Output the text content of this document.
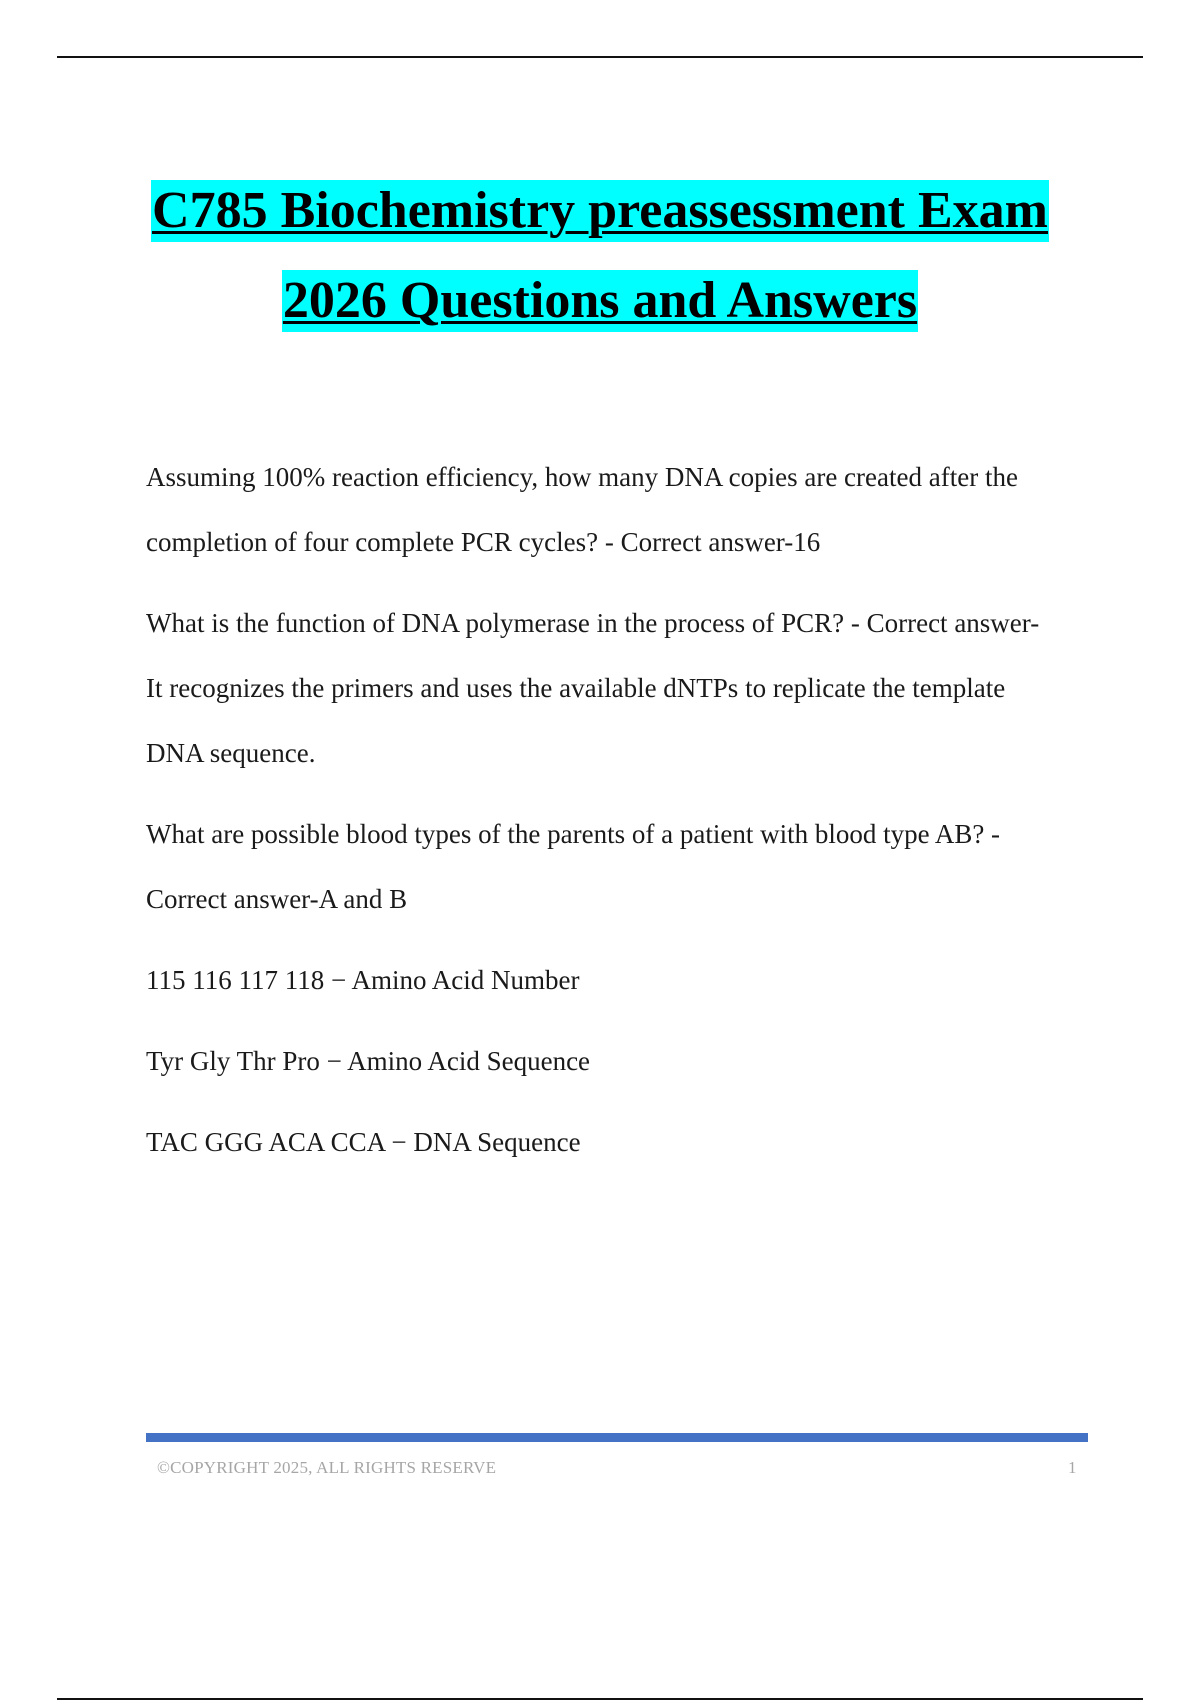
C785 Biochemistry preassessment Exam
2026 Questions and Answers
Assuming 100% reaction efficiency, how many DNA copies are created after the
completion of four complete PCR cycles? - Correct answer-16
What is the function of DNA polymerase in the process of PCR? - Correct answer-
It recognizes the primers and uses the available dNTPs to replicate the template
DNA sequence.
What are possible blood types of the parents of a patient with blood type AB? -
Correct answer-A and B
115 116 117 118 − Amino Acid Number
Tyr Gly Thr Pro − Amino Acid Sequence
TAC GGG ACA CCA − DNA Sequence
©COPYRIGHT 2025, ALL RIGHTS RESERVE	1
